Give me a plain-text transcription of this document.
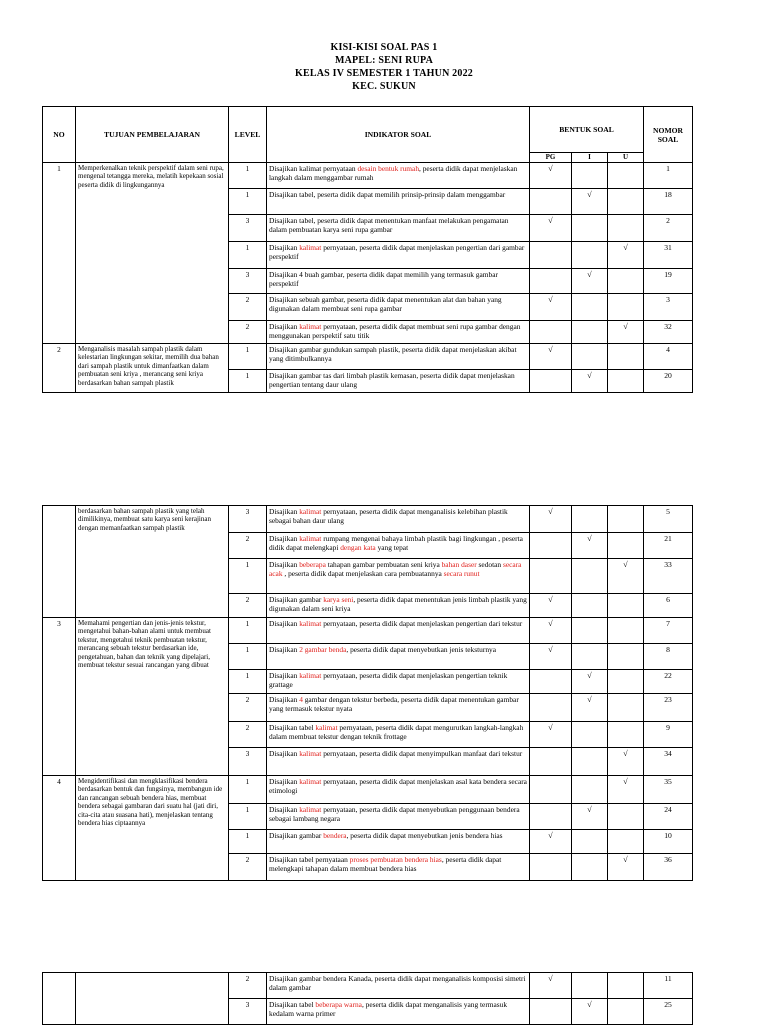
KISI-KISI SOAL PAS 1
MAPEL: SENI RUPA
KELAS IV SEMESTER 1 TAHUN 2022
KEC. SUKUN
NO	TUJUAN PEMBELAJARAN	LEVEL	INDIKATOR SOAL	BENTUK SOAL			NOMOR SOAL
				PG	I	U	
1	Memperkenalkan teknik perspektif dalam seni rupa, mengenal tetangga mereka, melatih kepekaan sosial peserta didik di lingkungannya	1	Disajikan kalimat pernyataan desain bentuk rumah, peserta didik dapat menjelaskan langkah dalam menggambar rumah	√			1
		1	Disajikan tabel, peserta didik dapat memilih prinsip-prinsip dalam menggambar		√		18
		3	Disajikan tabel, peserta didik dapat menentukan manfaat melakukan pengamatan dalam pembuatan karya seni rupa gambar	√			2
		1	Disajikan kalimat pernyataan, peserta didik dapat menjelaskan pengertian dari gambar perspektif			√	31
		3	Disajikan 4 buah gambar, peserta didik dapat memilih yang termasuk gambar perspektif		√		19
		2	Disajikan sebuah gambar, peserta didik dapat menentukan alat dan bahan yang digunakan dalam membuat seni rupa gambar	√			3
		2	Disajikan kalimat pernyataan, peserta didik dapat membuat seni rupa gambar dengan menggunakan perspektif satu titik			√	32
2	Menganalisis masalah sampah plastik dalam kelestarian lingkungan sekitar, memilih dua bahan dari sampah plastik untuk dimanfaatkan dalam pembuatan seni kriya , merancang seni kriya berdasarkan bahan sampah plastik	1	Disajikan gambar gundukan sampah plastik, peserta didik dapat menjelaskan akibat yang ditimbulkannya	√			4
		1	Disajikan gambar tas dari limbah plastik kemasan, peserta didik dapat menjelaskan pengertian tentang daur ulang		√		20
	berdasarkan bahan sampah plastik yang telah dimilikinya, membuat satu karya seni kerajinan dengan memanfaatkan sampah plastik	3	Disajikan kalimat pernyataan, peserta didik dapat menganalisis kelebihan plastik sebagai bahan daur ulang	√			5
		2	Disajikan kalimat rumpang mengenai bahaya limbah plastik bagi lingkungan , peserta didik dapat melengkapi dengan kata yang tepat		√		21
		1	Disajikan beberapa tahapan gambar pembuatan seni kriya bahan daser sedotan secara acak , peserta didik dapat menjelaskan cara pembuatannya secara runut			√	33
		2	Disajikan gambar karya seni, peserta didik dapat menentukan jenis limbah plastik yang digunakan dalam seni kriya	√			6
3	Memahami pengertian dan jenis-jenis tekstur, mengetahui bahan-bahan alami untuk membuat tekstur, mengetahui teknik pembuatan tekstur, merancang sebuah tekstur berdasarkan ide, pengetahuan, bahan dan teknik yang dipelajari, membuat tekstur sesuai rancangan yang dibuat	1	Disajikan kalimat pernyataan, peserta didik dapat menjelaskan pengertian dari tekstur	√			7
		1	Disajikan 2 gambar benda, peserta didik dapat menyebutkan jenis teksturnya	√			8
		1	Disajikan kalimat pernyataan, peserta didik dapat menjelaskan pengertian teknik grattage		√		22
		2	Disajikan 4 gambar dengan tekstur berbeda, peserta didik dapat menentukan gambar yang termasuk tekstur nyata		√		23
		2	Disajikan tabel kalimat pernyataan, peserta didik dapat mengurutkan langkah-langkah dalam membuat tekstur dengan teknik frottage	√			9
		3	Disajikan kalimat pernyataan, peserta didik dapat menyimpulkan manfaat dari tekstur			√	34
4	Mengidentifikasi dan mengklasifikasi bendera berdasarkan bentuk dan fungsinya, membangun ide dan rancangan sebuah bendera hias, membuat bendera sebagai gambaran dari suatu hal (jati diri, cita-cita atau suasana hati), menjelaskan tentang bendera hias ciptaannya	1	Disajikan kalimat pernyataan, peserta didik dapat menjelaskan asal kata bendera secara etimologi			√	35
		1	Disajikan kalimat pernyataan, peserta didik dapat menyebutkan penggunaan bendera sebagai lambang negara		√		24
		1	Disajikan gambar bendera, peserta didik dapat menyebutkan jenis bendera hias	√			10
		2	Disajikan tabel pernyataan proses pembuatan bendera hias, peserta didik dapat melengkapi tahapan dalam membuat bendera hias			√	36
		2	Disajikan gambar bendera Kanada, peserta didik dapat menganalisis komposisi simetri dalam gambar	√			11
		3	Disajikan tabel beberapa warna, peserta didik dapat menganalisis yang termasuk kedalam warna primer		√		25
